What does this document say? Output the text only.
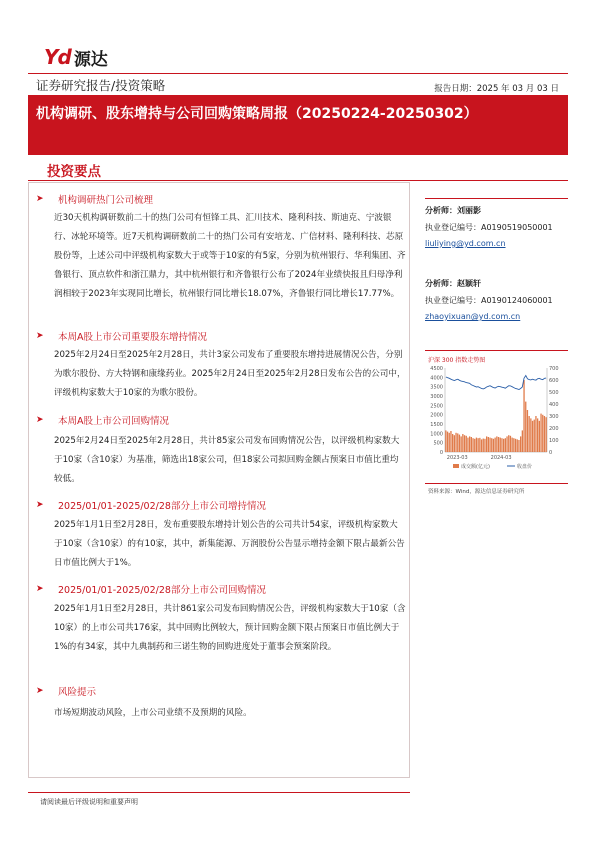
Yd 源达
证券研究报告/投资策略	报告日期：2025 年 03 月 03 日
机构调研、股东增持与公司回购策略周报（20250224-20250302）
投资要点
➤	机构调研热门公司梳理
近30天机构调研数前二十的热门公司有恒锋工具、汇川技术、隆利科技、斯迪克、宁波银行、冰轮环境等。近7天机构调研数前二十的热门公司有安培龙、广信材料、隆利科技、芯原股份等，上述公司中评级机构家数大于或等于10家的有5家，分别为杭州银行、华利集团、齐鲁银行、顶点软件和浙江鼎力，其中杭州银行和齐鲁银行公布了2024年业绩快报且归母净利润相较于2023年实现同比增长，杭州银行同比增长18.07%，齐鲁银行同比增长17.77%。
➤	本周A股上市公司重要股东增持情况
2025年2月24日至2025年2月28日，共计3家公司发布了重要股东增持进展情况公告，分别为歌尔股份、方大特钢和康缘药业。2025年2月24日至2025年2月28日发布公告的公司中，评级机构家数大于10家的为歌尔股份。
➤	本周A股上市公司回购情况
2025年2月24日至2025年2月28日，共计85家公司发布回购情况公告，以评级机构家数大于10家（含10家）为基准，筛选出18家公司，但18家公司拟回购金额占预案日市值比重均较低。
➤	2025/01/01-2025/02/28部分上市公司增持情况
2025年1月1日至2月28日，发布重要股东增持计划公告的公司共计54家，评级机构家数大于10家（含10家）的有10家，其中，新集能源、万润股份公告显示增持金额下限占最新公告日市值比例大于1%。
➤	2025/01/01-2025/02/28部分上市公司回购情况
2025年1月1日至2月28日，共计861家公司发布回购情况公告，评级机构家数大于10家（含10家）的上市公司共176家，其中回购比例较大，预计回购金额下限占预案日市值比例大于1%的有34家，其中九典制药和三诺生物的回购进度处于董事会预案阶段。
➤	风险提示
市场短期波动风险，上市公司业绩不及预期的风险。
分析师：刘丽影
执业登记编号：A0190519050001
liuliying@yd.com.cn
分析师：赵颖轩
执业登记编号：A0190124060001
zhaoyixuan@yd.com.cn
沪深 300 指数走势图
4500
4000
3500
3000
2500
2000
1500
1000
500
0
700
600
500
400
300
200
100
0
2023-03	2024-03
成交额(亿元)	收盘价
资料来源：Wind，源达信息证券研究所
请阅读最后评级说明和重要声明
